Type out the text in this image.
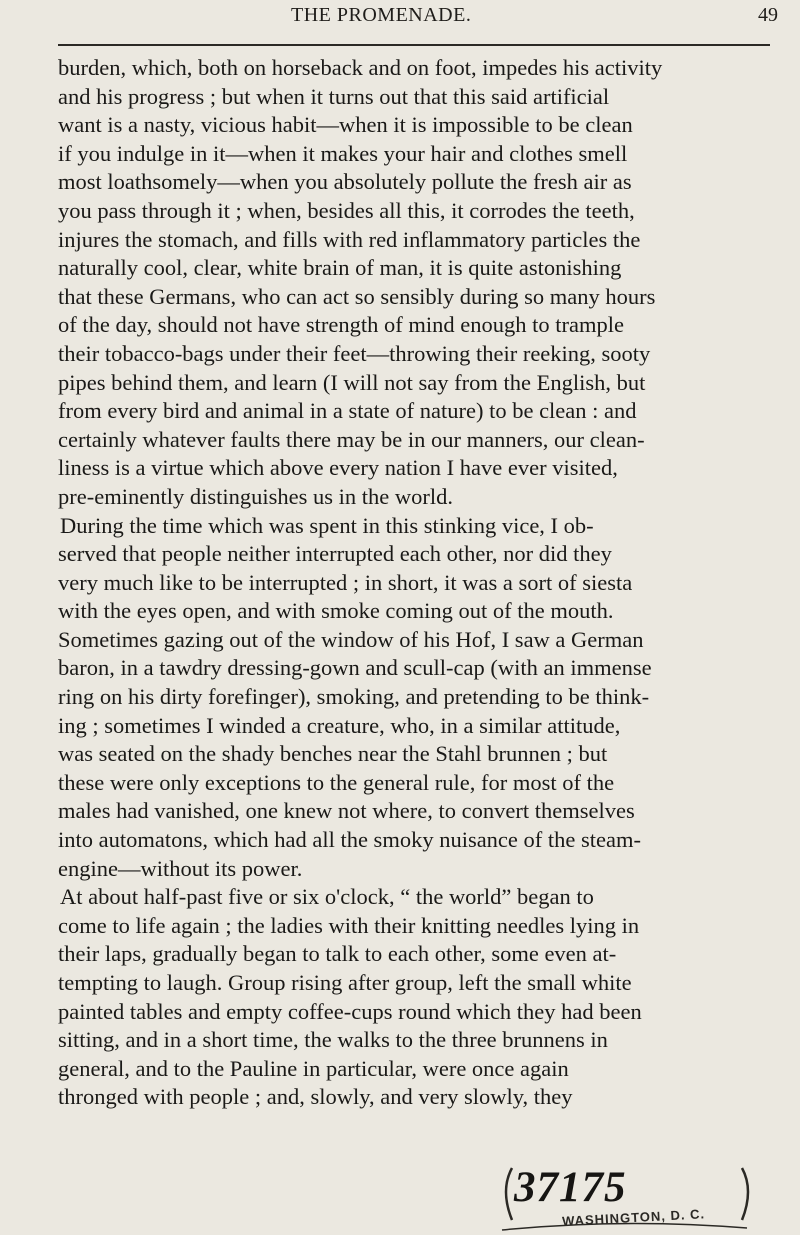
THE PROMENADE.	49
burden, which, both on horseback and on foot, impedes his activity
and his progress ; but when it turns out that this said artificial
want is a nasty, vicious habit—when it is impossible to be clean
if you indulge in it—when it makes your hair and clothes smell
most loathsomely—when you absolutely pollute the fresh air as
you pass through it ; when, besides all this, it corrodes the teeth,
injures the stomach, and fills with red inflammatory particles the
naturally cool, clear, white brain of man, it is quite astonishing
that these Germans, who can act so sensibly during so many hours
of the day, should not have strength of mind enough to trample
their tobacco-bags under their feet—throwing their reeking, sooty
pipes behind them, and learn (I will not say from the English, but
from every bird and animal in a state of nature) to be clean : and
certainly whatever faults there may be in our manners, our clean-
liness is a virtue which above every nation I have ever visited,
pre-eminently distinguishes us in the world.
During the time which was spent in this stinking vice, I ob-
served that people neither interrupted each other, nor did they
very much like to be interrupted ; in short, it was a sort of siesta
with the eyes open, and with smoke coming out of the mouth.
Sometimes gazing out of the window of his Hof, I saw a German
baron, in a tawdry dressing-gown and scull-cap (with an immense
ring on his dirty forefinger), smoking, and pretending to be think-
ing ; sometimes I winded a creature, who, in a similar attitude,
was seated on the shady benches near the Stahl brunnen ; but
these were only exceptions to the general rule, for most of the
males had vanished, one knew not where, to convert themselves
into automatons, which had all the smoky nuisance of the steam-
engine—without its power.
At about half-past five or six o'clock, “ the world” began to
come to life again ; the ladies with their knitting needles lying in
their laps, gradually began to talk to each other, some even at-
tempting to laugh. Group rising after group, left the small white
painted tables and empty coffee-cups round which they had been
sitting, and in a short time, the walks to the three brunnens in
general, and to the Pauline in particular, were once again
thronged with people ; and, slowly, and very slowly, they
37175
WASHINGTON, D. C.
